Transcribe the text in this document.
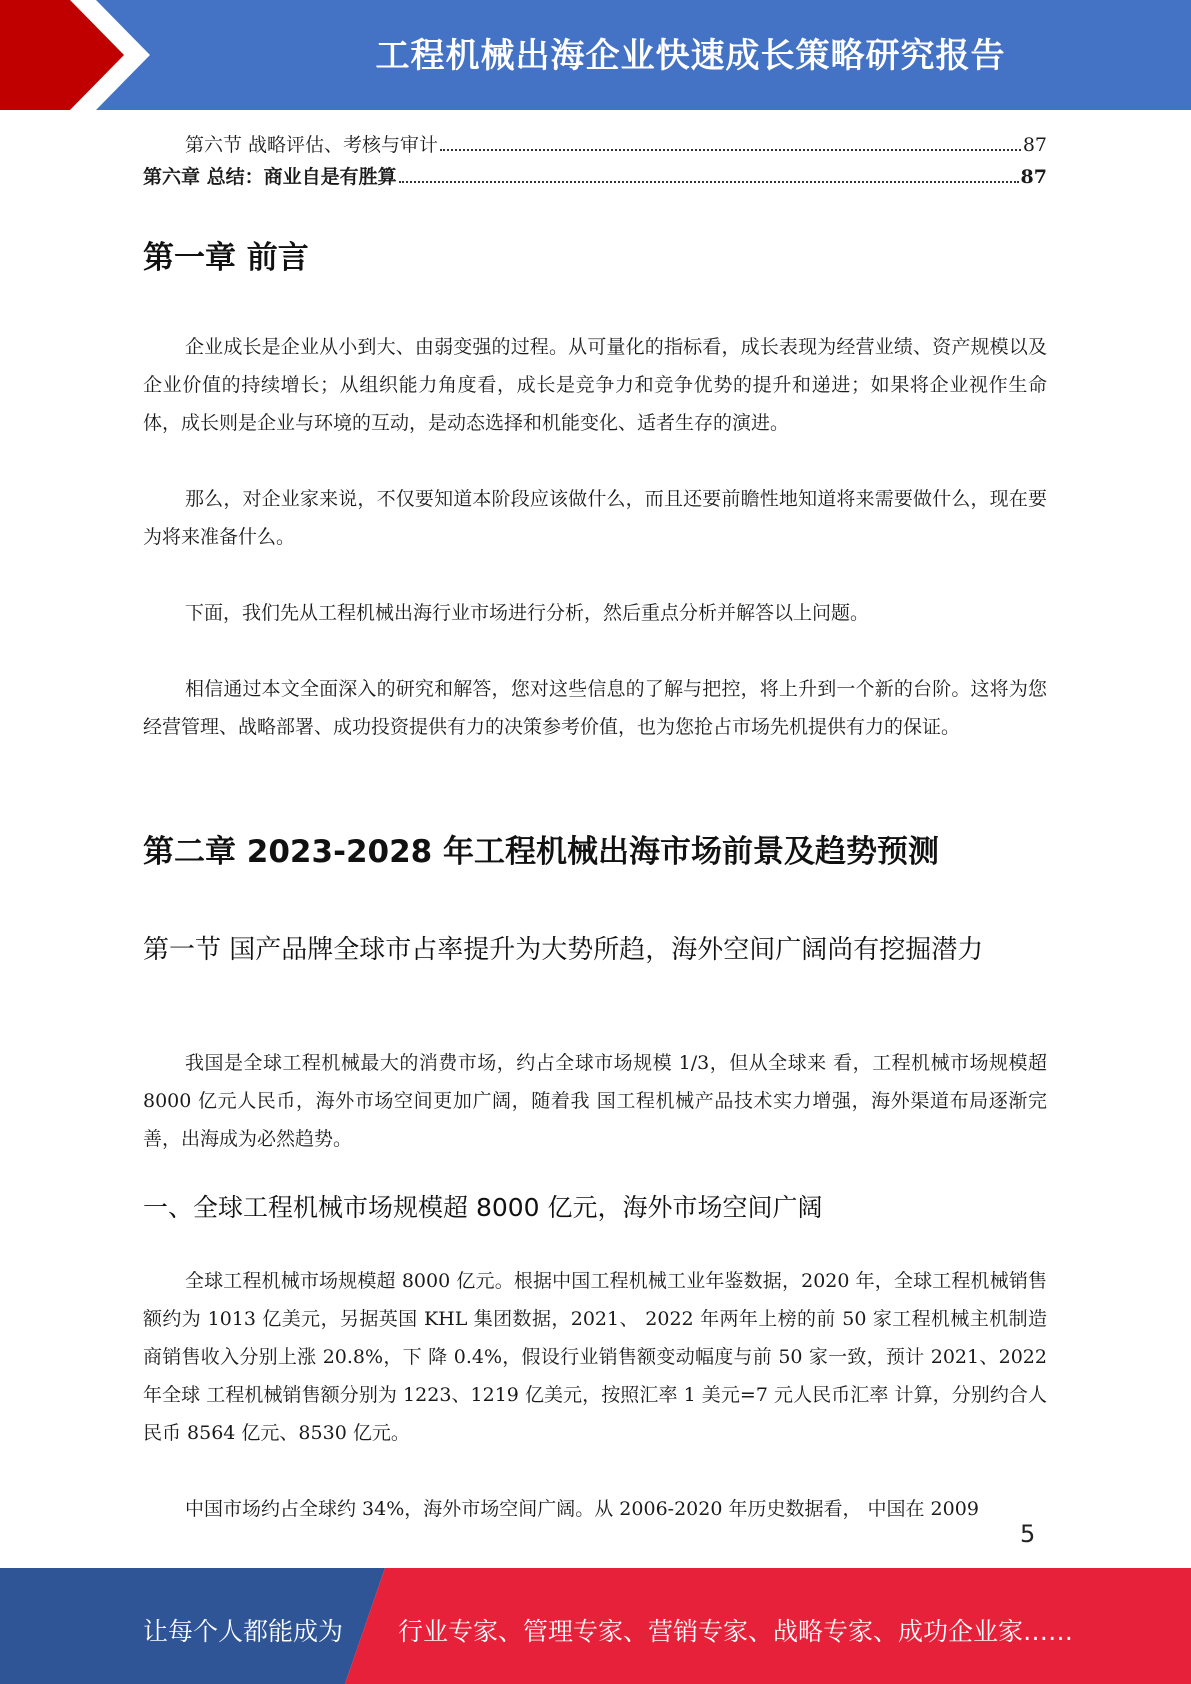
工程机械出海企业快速成长策略研究报告
第六节 战略评估、考核与审计	87
第六章 总结：商业自是有胜算	87
第一章 前言

企业成长是企业从小到大、由弱变强的过程。从可量化的指标看，成长表现为经营业绩、资产规模以及企业价值的持续增长；从组织能力角度看，成长是竞争力和竞争优势的提升和递进；如果将企业视作生命体，成长则是企业与环境的互动，是动态选择和机能变化、适者生存的演进。

那么，对企业家来说，不仅要知道本阶段应该做什么，而且还要前瞻性地知道将来需要做什么，现在要为将来准备什么。

下面，我们先从工程机械出海行业市场进行分析，然后重点分析并解答以上问题。

相信通过本文全面深入的研究和解答，您对这些信息的了解与把控，将上升到一个新的台阶。这将为您经营管理、战略部署、成功投资提供有力的决策参考价值，也为您抢占市场先机提供有力的保证。

第二章 2023-2028 年工程机械出海市场前景及趋势预测
第一节 国产品牌全球市占率提升为大势所趋，海外空间广阔尚有挖掘潜力

我国是全球工程机械最大的消费市场，约占全球市场规模 1/3，但从全球来 看，工程机械市场规模超 8000 亿元人民币，海外市场空间更加广阔，随着我 国工程机械产品技术实力增强，海外渠道布局逐渐完善，出海成为必然趋势。

一、全球工程机械市场规模超 8000 亿元，海外市场空间广阔

全球工程机械市场规模超 8000 亿元。根据中国工程机械工业年鉴数据，2020 年，全球工程机械销售额约为 1013 亿美元，另据英国 KHL 集团数据，2021、 2022 年两年上榜的前 50 家工程机械主机制造商销售收入分别上涨 20.8%，下 降 0.4%，假设行业销售额变动幅度与前 50 家一致，预计 2021、2022 年全球 工程机械销售额分别为 1223、1219 亿美元，按照汇率 1 美元=7 元人民币汇率 计算，分别约合人民币 8564 亿元、8530 亿元。

中国市场约占全球约 34%，海外市场空间广阔。从 2006-2020 年历史数据看， 中国在 2009

5
让每个人都能成为 行业专家、管理专家、营销专家、战略专家、成功企业家……
